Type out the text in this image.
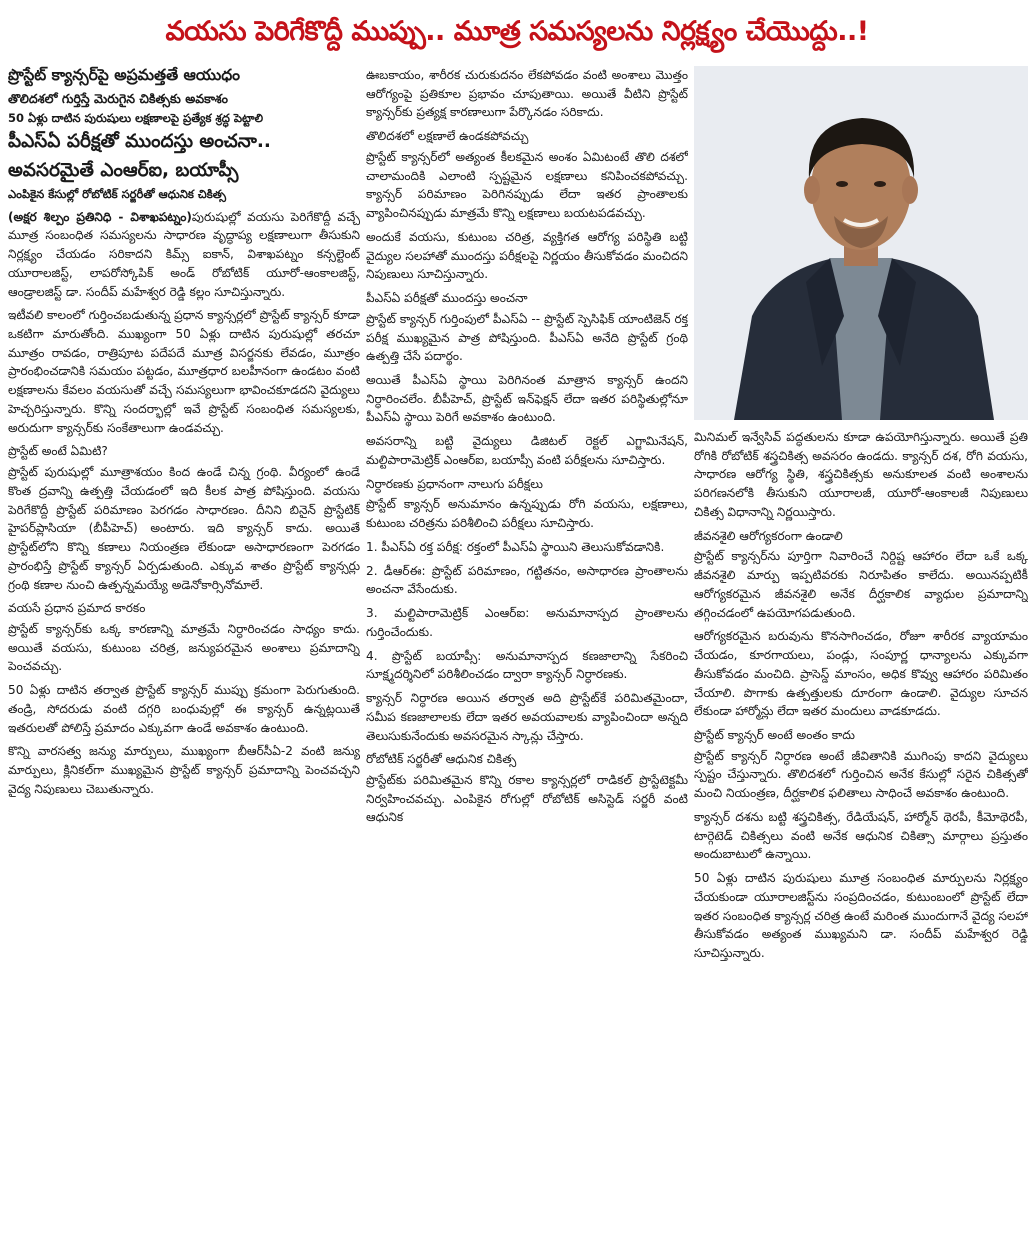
వయసు పెరిగేకొద్దీ ముప్పు.. మూత్ర సమస్యలను నిర్లక్ష్యం చేయొద్దు..!
ప్రొస్టేట్ క్యాన్సర్‌పై అప్రమత్తతే ఆయుధం
తొలిదశలో గుర్తిస్తే మెరుగైన చికిత్సకు అవకాశం
50 ఏళ్లు దాటిన పురుషులు లక్షణాలపై ప్రత్యేక శ్రద్ధ పెట్టాలి
పీఎస్ఏ పరీక్షతో ముందస్తు అంచనా..
అవసరమైతే ఎంఆర్ఐ, బయాప్సీ
ఎంపికైన కేసుల్లో రోబోటిక్ సర్జరీతో ఆధునిక చికిత్స

(అక్షర శిల్పం ప్రతినిధి - విశాఖపట్నం)పురుషుల్లో వయసు పెరిగేకొద్దీ వచ్చే మూత్ర సంబంధిత సమస్యలను సాధారణ వృద్ధాప్య లక్షణాలుగా తీసుకుని నిర్లక్ష్యం చేయడం సరికాదని కిమ్స్ ఐకాన్, విశాఖపట్నం కన్సల్టెంట్ యూరాలజిస్ట్, లాపరోస్కోపిక్ అండ్ రోబోటిక్ యూరో-ఆంకాలజిస్ట్, ఆండ్రాలజిస్ట్ డా. సందీప్ మహేశ్వర రెడ్డి కల్లం సూచిస్తున్నారు.

ఇటీవలి కాలంలో గుర్తించబడుతున్న ప్రధాన క్యాన్సర్లలో ప్రొస్టేట్ క్యాన్సర్ కూడా ఒకటిగా మారుతోంది. ముఖ్యంగా 50 ఏళ్లు దాటిన పురుషుల్లో తరచూ మూత్రం రావడం, రాత్రిపూట పదేపదే మూత్ర విసర్జనకు లేవడం, మూత్రం ప్రారంభించడానికి సమయం పట్టడం, మూత్రధార బలహీనంగా ఉండటం వంటి లక్షణాలను కేవలం వయసుతో వచ్చే సమస్యలుగా భావించకూడదని వైద్యులు హెచ్చరిస్తున్నారు. కొన్ని సందర్భాల్లో ఇవే ప్రొస్టేట్ సంబంధిత సమస్యలకు, అరుదుగా క్యాన్సర్‌కు సంకేతాలుగా ఉండవచ్చు.

ప్రొస్టేట్ అంటే ఏమిటి?

ప్రొస్టేట్ పురుషుల్లో మూత్రాశయం కింద ఉండే చిన్న గ్రంథి. వీర్యంలో ఉండే కొంత ద్రవాన్ని ఉత్పత్తి చేయడంలో ఇది కీలక పాత్ర పోషిస్తుంది. వయసు పెరిగేకొద్దీ ప్రొస్టేట్ పరిమాణం పెరగడం సాధారణం. దీనిని బినైన్ ప్రొస్టేటిక్ హైపర్‌ప్లాసియా (బీపీహెచ్) అంటారు. ఇది క్యాన్సర్ కాదు. అయితే ప్రొస్టేట్‌లోని కొన్ని కణాలు నియంత్రణ లేకుండా అసాధారణంగా పెరగడం ప్రారంభిస్తే ప్రొస్టేట్ క్యాన్సర్ ఏర్పడుతుంది. ఎక్కువ శాతం ప్రొస్టేట్ క్యాన్సర్లు గ్రంథి కణాల నుంచి ఉత్పన్నమయ్యే అడెనోకార్సినోమాలే.

వయసే ప్రధాన ప్రమాద కారకం

ప్రొస్టేట్ క్యాన్సర్‌కు ఒక్క కారణాన్ని మాత్రమే నిర్ధారించడం సాధ్యం కాదు. అయితే వయసు, కుటుంబ చరిత్ర, జన్యుపరమైన అంశాలు ప్రమాదాన్ని పెంచవచ్చు.

50 ఏళ్లు దాటిన తర్వాత ప్రొస్టేట్ క్యాన్సర్ ముప్పు క్రమంగా పెరుగుతుంది. తండ్రి, సోదరుడు వంటి దగ్గరి బంధువుల్లో ఈ క్యాన్సర్ ఉన్నట్లయితే ఇతరులతో పోలిస్తే ప్రమాదం ఎక్కువగా ఉండే అవకాశం ఉంటుంది.

కొన్ని వారసత్వ జన్యు మార్పులు, ముఖ్యంగా బీఆర్‌సీఏ-2 వంటి జన్యు మార్పులు, క్లినికల్‌గా ముఖ్యమైన ప్రొస్టేట్ క్యాన్సర్ ప్రమాదాన్ని పెంచవచ్చని వైద్య నిపుణులు చెబుతున్నారు.

ఊబకాయం, శారీరక చురుకుదనం లేకపోవడం వంటి అంశాలు మొత్తం ఆరోగ్యంపై ప్రతికూల ప్రభావం చూపుతాయి. అయితే వీటిని ప్రొస్టేట్ క్యాన్సర్‌కు ప్రత్యక్ష కారణాలుగా పేర్కొనడం సరికాదు.

తొలిదశలో లక్షణాలే ఉండకపోవచ్చు

ప్రొస్టేట్ క్యాన్సర్‌లో అత్యంత కీలకమైన అంశం ఏమిటంటే తొలి దశలో చాలామందికి ఎలాంటి స్పష్టమైన లక్షణాలు కనిపించకపోవచ్చు. క్యాన్సర్ పరిమాణం పెరిగినప్పుడు లేదా ఇతర ప్రాంతాలకు వ్యాపించినప్పుడు మాత్రమే కొన్ని లక్షణాలు బయటపడవచ్చు.

అందుకే వయసు, కుటుంబ చరిత్ర, వ్యక్తిగత ఆరోగ్య పరిస్థితి బట్టి వైద్యుల సలహాతో ముందస్తు పరీక్షలపై నిర్ణయం తీసుకోవడం మంచిదని నిపుణులు సూచిస్తున్నారు.

పీఎస్ఏ పరీక్షతో ముందస్తు అంచనా

ప్రొస్టేట్ క్యాన్సర్ గుర్తింపులో పీఎస్ఏ -- ప్రొస్టేట్ స్పెసిఫిక్ యాంటిజెన్ రక్త పరీక్ష ముఖ్యమైన పాత్ర పోషిస్తుంది. పీఎస్ఏ అనేది ప్రొస్టేట్ గ్రంథి ఉత్పత్తి చేసే పదార్థం.

అయితే పీఎస్ఏ స్థాయి పెరిగినంత మాత్రాన క్యాన్సర్ ఉందని నిర్ధారించలేం. బీపీహెచ్, ప్రొస్టేట్ ఇన్‌ఫెక్షన్ లేదా ఇతర పరిస్థితుల్లోనూ పీఎస్ఏ స్థాయి పెరిగే అవకాశం ఉంటుంది.

అవసరాన్ని బట్టి వైద్యులు డిజిటల్ రెక్టల్ ఎగ్జామినేషన్, మల్టిపారామెట్రిక్ ఎంఆర్ఐ, బయాప్సీ వంటి పరీక్షలను సూచిస్తారు.

నిర్ధారణకు ప్రధానంగా నాలుగు పరీక్షలు

ప్రొస్టేట్ క్యాన్సర్ అనుమానం ఉన్నప్పుడు రోగి వయసు, లక్షణాలు, కుటుంబ చరిత్రను పరిశీలించి పరీక్షలు సూచిస్తారు.

1. పీఎస్ఏ రక్త పరీక్ష: రక్తంలో పీఎస్ఏ స్థాయిని తెలుసుకోవడానికి.
2. డీఆర్ఈ: ప్రొస్టేట్ పరిమాణం, గట్టితనం, అసాధారణ ప్రాంతాలను అంచనా వేసేందుకు.
3. మల్టిపారామెట్రిక్ ఎంఆర్ఐ: అనుమానాస్పద ప్రాంతాలను గుర్తించేందుకు.
4. ప్రొస్టేట్ బయాప్సీ: అనుమానాస్పద కణజాలాన్ని సేకరించి సూక్ష్మదర్శినిలో పరిశీలించడం ద్వారా క్యాన్సర్ నిర్ధారణకు.

క్యాన్సర్ నిర్ధారణ అయిన తర్వాత అది ప్రొస్టేట్‌కే పరిమితమైందా, సమీప కణజాలాలకు లేదా ఇతర అవయవాలకు వ్యాపించిందా అన్నది తెలుసుకునేందుకు అవసరమైన స్కాన్లు చేస్తారు.

రోబోటిక్ సర్జరీతో ఆధునిక చికిత్స

ప్రొస్టేట్‌కు పరిమితమైన కొన్ని రకాల క్యాన్సర్లలో రాడికల్ ప్రొస్టేటెక్టమీ నిర్వహించవచ్చు. ఎంపికైన రోగుల్లో రోబోటిక్ అసిస్టెడ్ సర్జరీ వంటి ఆధునిక

మినిమల్ ఇన్వేసివ్ పద్ధతులను కూడా ఉపయోగిస్తున్నారు. అయితే ప్రతి రోగికి రోబోటిక్ శస్త్రచికిత్స అవసరం ఉండదు. క్యాన్సర్ దశ, రోగి వయసు, సాధారణ ఆరోగ్య స్థితి, శస్త్రచికిత్సకు అనుకూలత వంటి అంశాలను పరిగణనలోకి తీసుకుని యూరాలజీ, యూరో-ఆంకాలజీ నిపుణులు చికిత్స విధానాన్ని నిర్ణయిస్తారు.

జీవనశైలి ఆరోగ్యకరంగా ఉండాలి

ప్రొస్టేట్ క్యాన్సర్‌ను పూర్తిగా నివారించే నిర్దిష్ట ఆహారం లేదా ఒకే ఒక్క జీవనశైలి మార్పు ఇప్పటివరకు నిరూపితం కాలేదు. అయినప్పటికీ ఆరోగ్యకరమైన జీవనశైలి అనేక దీర్ఘకాలిక వ్యాధుల ప్రమాదాన్ని తగ్గించడంలో ఉపయోగపడుతుంది.

ఆరోగ్యకరమైన బరువును కొనసాగించడం, రోజూ శారీరక వ్యాయామం చేయడం, కూరగాయలు, పండ్లు, సంపూర్ణ ధాన్యాలను ఎక్కువగా తీసుకోవడం మంచిది. ప్రాసెస్డ్ మాంసం, అధిక కొవ్వు ఆహారం పరిమితం చేయాలి. పొగాకు ఉత్పత్తులకు దూరంగా ఉండాలి. వైద్యుల సూచన లేకుండా హార్మోన్లు లేదా ఇతర మందులు వాడకూడదు.

ప్రొస్టేట్ క్యాన్సర్ అంటే అంతం కాదు

ప్రొస్టేట్ క్యాన్సర్ నిర్ధారణ అంటే జీవితానికి ముగింపు కాదని వైద్యులు స్పష్టం చేస్తున్నారు. తొలిదశలో గుర్తించిన అనేక కేసుల్లో సరైన చికిత్సతో మంచి నియంత్రణ, దీర్ఘకాలిక ఫలితాలు సాధించే అవకాశం ఉంటుంది.

క్యాన్సర్ దశను బట్టి శస్త్రచికిత్స, రేడియేషన్, హార్మోన్ థెరపీ, కీమోథెరపీ, టార్గెటెడ్ చికిత్సలు వంటి అనేక ఆధునిక చికిత్సా మార్గాలు ప్రస్తుతం అందుబాటులో ఉన్నాయి.

50 ఏళ్లు దాటిన పురుషులు మూత్ర సంబంధిత మార్పులను నిర్లక్ష్యం చేయకుండా యూరాలజిస్ట్‌ను సంప్రదించడం, కుటుంబంలో ప్రొస్టేట్ లేదా ఇతర సంబంధిత క్యాన్సర్ల చరిత్ర ఉంటే మరింత ముందుగానే వైద్య సలహా తీసుకోవడం అత్యంత ముఖ్యమని డా. సందీప్ మహేశ్వర రెడ్డి సూచిస్తున్నారు.
